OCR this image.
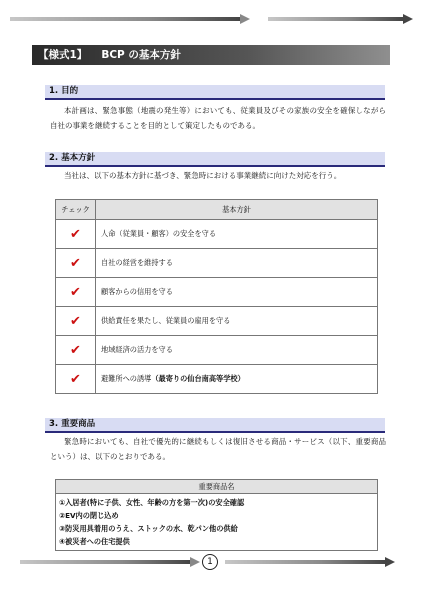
【様式1】 BCP の基本方針
1. 目的
本計画は、緊急事態（地震の発生等）においても、従業員及びその家族の安全を確保しながら自社の事業を継続することを目的として策定したものである。
2. 基本方針
当社は、以下の基本方針に基づき、緊急時における事業継続に向けた対応を行う。
チェック	基本方針
✔	人命（従業員・顧客）の安全を守る
✔	自社の経営を維持する
✔	顧客からの信用を守る
✔	供給責任を果たし、従業員の雇用を守る
✔	地域経済の活力を守る
✔	避難所への誘導（最寄りの仙台南高等学校）
3. 重要商品
緊急時においても、自社で優先的に継続もしくは復旧させる商品・サービス（以下、重要商品という）は、以下のとおりである。
重要商品名

①入居者(特に子供、女性、年齢の方を第一次)の安全確認
②EV内の閉じ込め
③防災用具着用のうえ、ストックの水、乾パン他の供給
④被災者への住宅提供
1
